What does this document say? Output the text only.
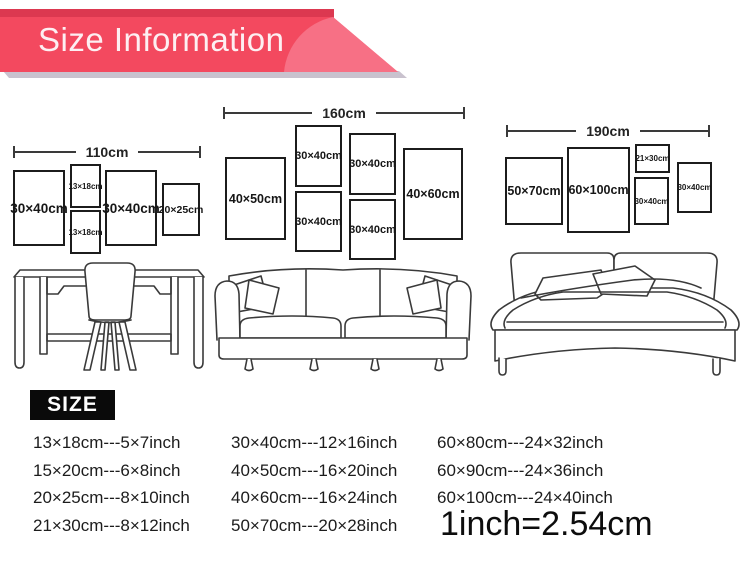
Size Information
110cm
30×40cm
13×18cm
13×18cm
30×40cm
20×25cm
160cm
40×50cm
30×40cm
30×40cm
30×40cm
30×40cm
40×60cm
190cm
50×70cm 60×100cm
21×30cm
30×40cm
30×40cm
SIZE
13×18cm---5×7inch
15×20cm---6×8inch
20×25cm---8×10inch
21×30cm---8×12inch
30×40cm---12×16inch
40×50cm---16×20inch
40×60cm---16×24inch
50×70cm---20×28inch
60×80cm---24×32inch
60×90cm---24×36inch
60×100cm---24×40inch
1inch=2.54cm
